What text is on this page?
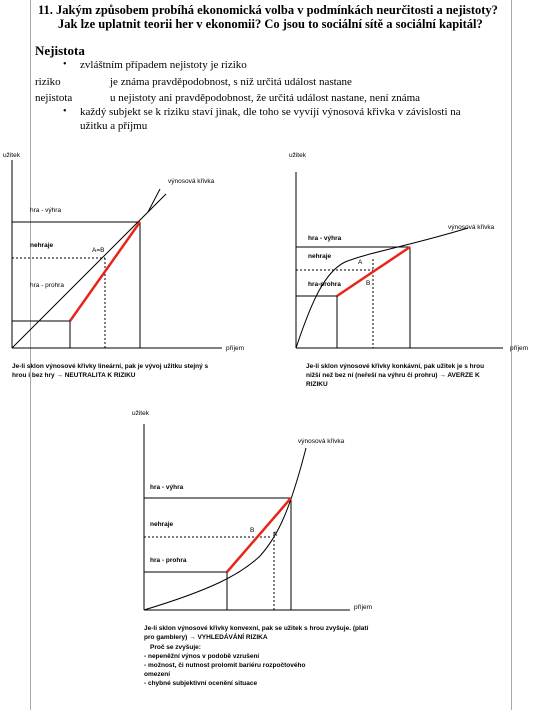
11. Jakým způsobem probíhá ekonomická volba v podmínkách neurčitosti a nejistoty?
Jak lze uplatnit teorii her v ekonomii? Co jsou to sociální sítě a sociální kapitál?
Nejistota
• zvláštním případem nejistoty je riziko
riziko	je známa pravděpodobnost, s níž určitá událost nastane
nejistota	u nejistoty ani pravděpodobnost, že určitá událost nastane, není známa
• každý subjekt se k riziku staví jinak, dle toho se vyvíjí výnosová křivka v závislosti na
užitku a příjmu
užitek
výnosová křivka
hra - výhra
nehraje
A=B
hra - prohra
příjem
Je-li sklon výnosové křivky lineární, pak je vývoj užitku stejný s hrou i bez hry → NEUTRALITA K RIZIKU
užitek
výnosová křivka
hra - výhra
nehraje
A
hra-prohra	B
příjem
Je-li sklon výnosové křivky konkávní, pak užitek je s hrou nižší než bez ní (neřeší na výhru či prohru) → AVERZE K RIZIKU
užitek
výnosová křivka
hra - výhra
nehraje
B
A
hra - prohra
příjem
Je-li sklon výnosové křivky konvexní, pak se užitek s hrou zvyšuje. (platí pro gamblery) → VYHLEDÁVÁNÍ RIZIKA
Proč se zvyšuje:
- nepeněžní výnos v podobě vzrušení
- možnost, či nutnost prolomit bariéru rozpočtového
omezení
- chybné subjektivní ocenění situace
